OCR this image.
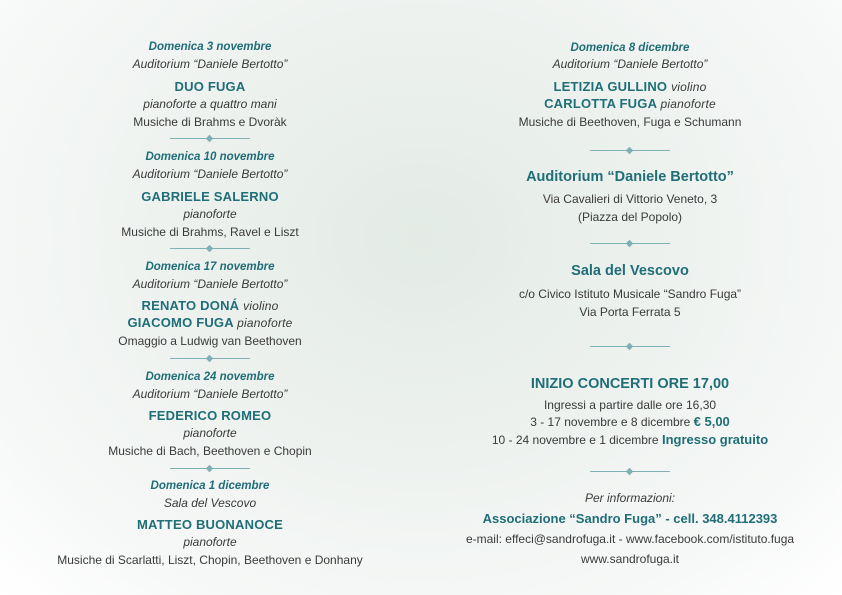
Domenica 3 novembre
Auditorium “Daniele Bertotto”
DUO FUGA
pianoforte a quattro mani
Musiche di Brahms e Dvoràk
Domenica 10 novembre
Auditorium “Daniele Bertotto”
GABRIELE SALERNO
pianoforte
Musiche di Brahms, Ravel e Liszt
Domenica 17 novembre
Auditorium “Daniele Bertotto”
RENATO DONÁ violino
GIACOMO FUGA pianoforte
Omaggio a Ludwig van Beethoven
Domenica 24 novembre
Auditorium “Daniele Bertotto”
FEDERICO ROMEO
pianoforte
Musiche di Bach, Beethoven e Chopin
Domenica 1 dicembre
Sala del Vescovo
MATTEO BUONANOCE
pianoforte
Musiche di Scarlatti, Liszt, Chopin, Beethoven e Donhany
Domenica 8 dicembre
Auditorium “Daniele Bertotto”
LETIZIA GULLINO violino
CARLOTTA FUGA pianoforte
Musiche di Beethoven, Fuga e Schumann
Auditorium “Daniele Bertotto”
Via Cavalieri di Vittorio Veneto, 3
(Piazza del Popolo)
Sala del Vescovo
c/o Civico Istituto Musicale “Sandro Fuga”
Via Porta Ferrata 5
INIZIO CONCERTI ORE 17,00
Ingressi a partire dalle ore 16,30
3 - 17 novembre e 8 dicembre € 5,00
10 - 24 novembre e 1 dicembre Ingresso gratuito
Per informazioni:
Associazione “Sandro Fuga” - cell. 348.4112393
e-mail: effeci@sandrofuga.it - www.facebook.com/istituto.fuga
www.sandrofuga.it
